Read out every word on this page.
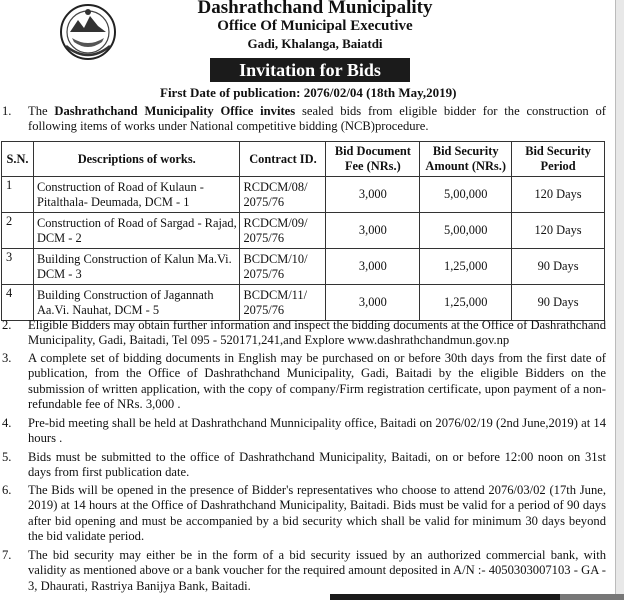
Dashrathchand Municipality
Office Of Municipal Executive
Gadi, Khalanga, Baiatdi
Invitation for Bids
First Date of publication: 2076/02/04 (18th May,2019)
1. The Dashrathchand Municipality Office invites sealed bids from eligible bidder for the construction of following items of works under National competitive bidding (NCB)procedure.
S.N.	Descriptions of works.	Contract ID.	Bid Document Fee (NRs.)	Bid Security Amount (NRs.)	Bid Security Period
1	Construction of Road of Kulaun - Pitalthala- Deumada, DCM - 1	RCDCM/08/ 2075/76	3,000	5,00,000	120 Days
2	Construction of Road of Sargad - Rajad, DCM - 2	RCDCM/09/ 2075/76	3,000	5,00,000	120 Days
3	Building Construction of Kalun Ma.Vi. DCM - 3	BCDCM/10/ 2075/76	3,000	1,25,000	90 Days
4	Building Construction of Jagannath Aa.Vi. Nauhat, DCM - 5	BCDCM/11/ 2075/76	3,000	1,25,000	90 Days
2. Eligible Bidders may obtain further information and inspect the bidding documents at the Office of Dashrathchand Municipality, Gadi, Baitadi, Tel 095 - 520171,241,and Explore www.dashrathchandmun.gov.np
3. A complete set of bidding documents in English may be purchased on or before 30th days from the first date of publication, from the Office of Dashrathchand Municipality, Gadi, Baitadi by the eligible Bidders on the submission of written application, with the copy of company/Firm registration certificate, upon payment of a non-refundable fee of NRs. 3,000 .
4. Pre-bid meeting shall be held at Dashrathchand Munnicipality office, Baitadi on 2076/02/19 (2nd June,2019) at 14 hours .
5. Bids must be submitted to the office of Dashrathchand Municipality, Baitadi, on or before 12:00 noon on 31st days from first publication date.
6. The Bids will be opened in the presence of Bidder's representatives who choose to attend 2076/03/02 (17th June, 2019) at 14 hours at the Office of Dashrathchand Municipality, Baitadi. Bids must be valid for a period of 90 days after bid opening and must be accompanied by a bid security which shall be valid for minimum 30 days beyond the bid validate period.
7. The bid security may either be in the form of a bid security issued by an authorized commercial bank, with validity as mentioned above or a bank voucher for the required amount deposited in A/N :- 4050303007103 - GA - 3, Dhaurati, Rastriya Banijya Bank, Baitadi.
